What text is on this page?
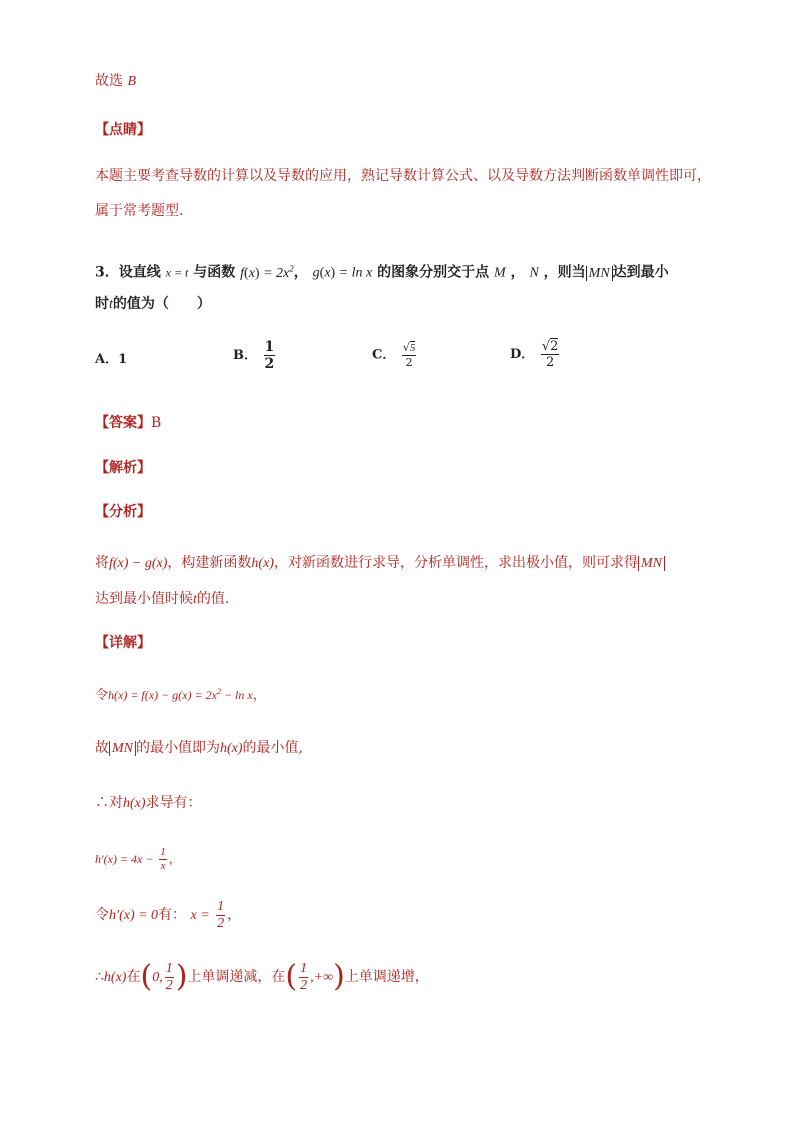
故选 B
【点睛】
本题主要考查导数的计算以及导数的应用，熟记导数计算公式、以及导数方法判断函数单调性即可，
属于常考题型.
3．设直线 x = t 与函数 $f(x) = 2x^2$， g(x) = ln x 的图象分别交于点 M ， N ，则当 MN 达到最小
时t的值为（　　）
A．1	B． $\frac{1}{2}$	C． $\frac{√5}{2}$	D． $\frac{√2}{2}$
【答案】B
【解析】
【分析】
将f(x) − g(x)，构建新函数h(x)，对新函数进行求导，分析单调性，求出极小值，则可求得 MN
达到最小值时候t的值.
【详解】
令$h(x) = f(x) - g(x) = 2x^2 - \ln x$，
故 MN 的最小值即为h(x)的最小值,
∴对h(x)求导有：
$h'(x) = 4x - \frac{1}{x}$ ，
令h′(x) = 0有： $x = \frac{1}{2}$ ，
∴h(x)在(0, $\frac{1}{2}$ )上单调递减，在( $\frac{1}{2}$ ,+∞)上单调递增，
